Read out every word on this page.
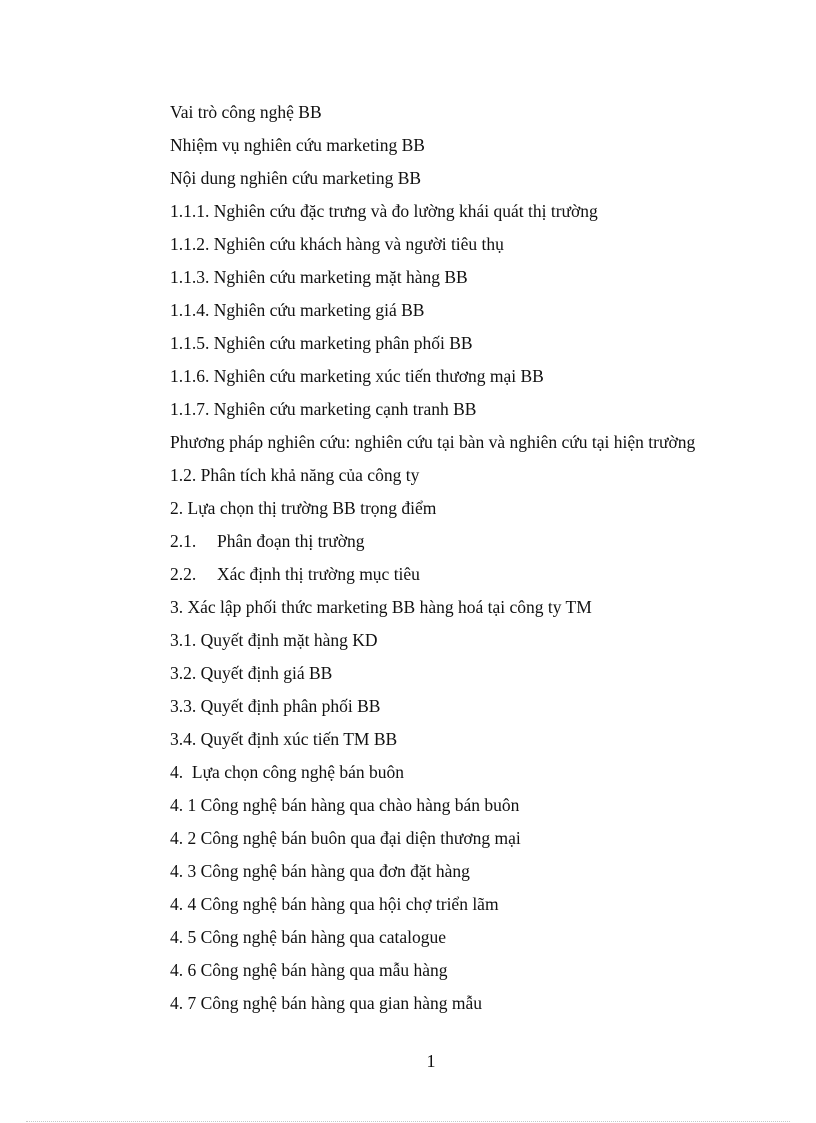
Vai trò công nghệ BB
Nhiệm vụ nghiên cứu marketing BB
Nội dung nghiên cứu marketing BB
1.1.1. Nghiên cứu đặc trưng và đo lường khái quát thị trường
1.1.2. Nghiên cứu khách hàng và người tiêu thụ
1.1.3. Nghiên cứu marketing mặt hàng BB
1.1.4. Nghiên cứu marketing giá BB
1.1.5. Nghiên cứu marketing phân phối BB
1.1.6. Nghiên cứu marketing xúc tiến thương mại BB
1.1.7. Nghiên cứu marketing cạnh tranh BB
Phương pháp nghiên cứu: nghiên cứu tại bàn và nghiên cứu tại hiện trường
1.2. Phân tích khả năng của công ty
2. Lựa chọn thị trường BB trọng điểm
2.1. Phân đoạn thị trường
2.2. Xác định thị trường mục tiêu
3. Xác lập phối thức marketing BB hàng hoá tại công ty TM
3.1. Quyết định mặt hàng KD
3.2. Quyết định giá BB
3.3. Quyết định phân phối BB
3.4. Quyết định xúc tiến TM BB
4.  Lựa chọn công nghệ bán buôn
4. 1 Công nghệ bán hàng qua chào hàng bán buôn
4. 2 Công nghệ bán buôn qua đại diện thương mại
4. 3 Công nghệ bán hàng qua đơn đặt hàng
4. 4 Công nghệ bán hàng qua hội chợ triển lãm
4. 5 Công nghệ bán hàng qua catalogue
4. 6 Công nghệ bán hàng qua mẫu hàng
4. 7 Công nghệ bán hàng qua gian hàng mẫu
1
